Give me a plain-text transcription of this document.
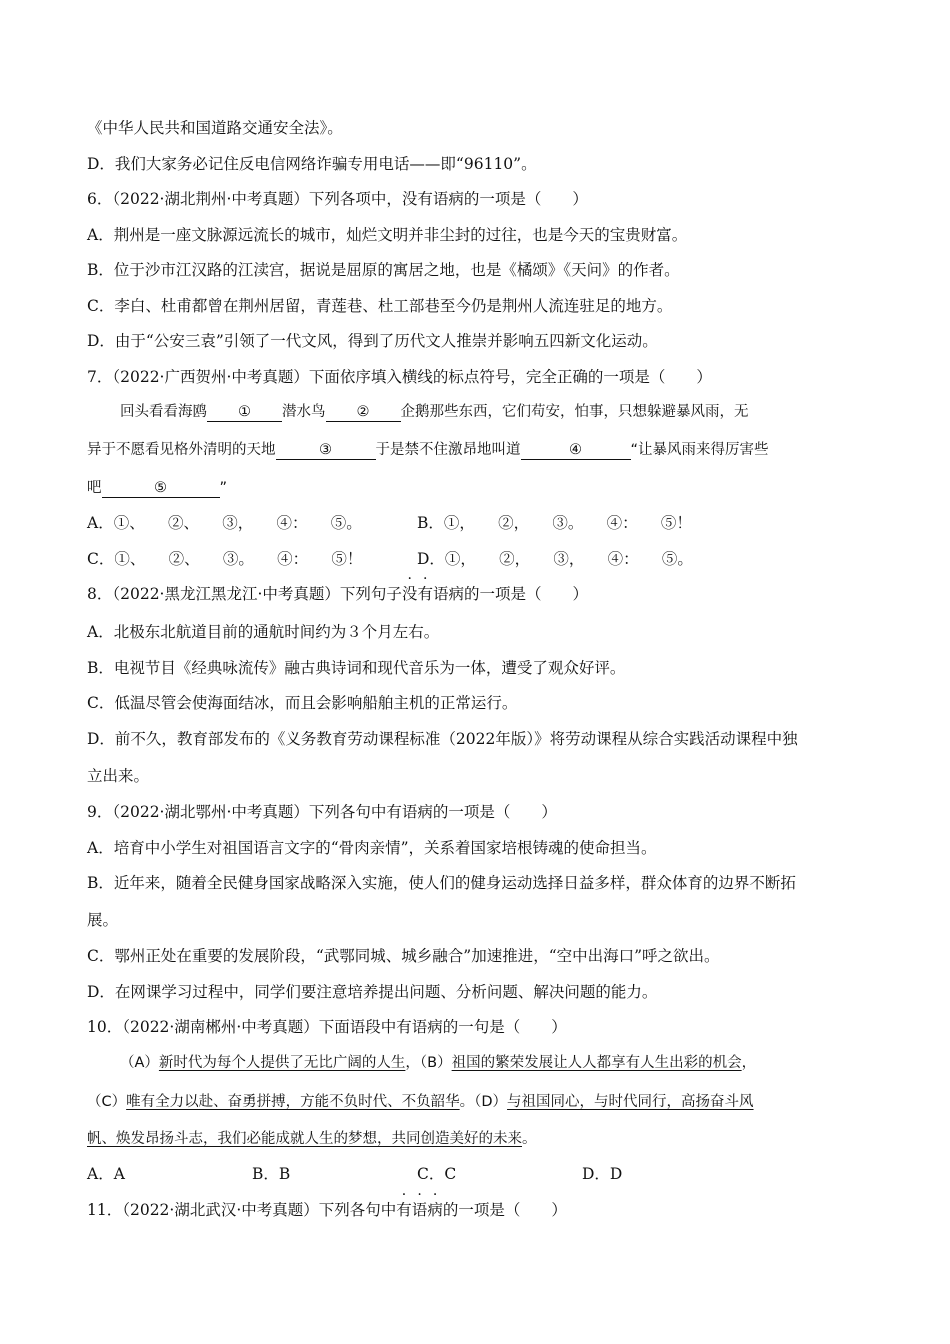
《中华人民共和国道路交通安全法》。
D．我们大家务必记住反电信网络诈骗专用电话——即“96110”。
6．（2022·湖北荆州·中考真题）下列各项中，没有语病的一项是（　　）
A．荆州是一座文脉源远流长的城市，灿烂文明并非尘封的过往，也是今天的宝贵财富。
B．位于沙市江汉路的江渎宫，据说是屈原的寓居之地，也是《橘颂》《天问》的作者。
C．李白、杜甫都曾在荆州居留，青莲巷、杜工部巷至今仍是荆州人流连驻足的地方。
D．由于“公安三袁”引领了一代文风，得到了历代文人推崇并影响五四新文化运动。
7．（2022·广西贺州·中考真题）下面依序填入横线的标点符号，完全正确的一项是（　　）
回头看看海鸥 ① 潜水鸟 ② 企鹅那些东西，它们苟安，怕事，只想躲避暴风雨，无
异于不愿看见格外清明的天地	③	于是禁不住激昂地叫道	④	“让暴风雨来得厉害些
吧	⑤	”
A．①、　　②、　　③，　　④：　　⑤。	B．①，　　②，　　③。　　④：　　⑤！
C．①、　　②、　　③。　　④：　　⑤！	D．①，　　②，　　③，　　④：　　⑤。
8．（2022·黑龙江黑龙江·中考真题）下列句子没有语病的一项是（　　）
A．北极东北航道目前的通航时间约为３个月左右。
B．电视节目《经典咏流传》融古典诗词和现代音乐为一体，遭受了观众好评。
C．低温尽管会使海面结冰，而且会影响船舶主机的正常运行。
D．前不久，教育部发布的《义务教育劳动课程标准（2022年版）》将劳动课程从综合实践活动课程中独
立出来。
9．（2022·湖北鄂州·中考真题）下列各句中有语病的一项是（　　）
A．培育中小学生对祖国语言文字的“骨肉亲情”，关系着国家培根铸魂的使命担当。
B．近年来，随着全民健身国家战略深入实施，使人们的健身运动选择日益多样，群众体育的边界不断拓
展。
C．鄂州正处在重要的发展阶段，“武鄂同城、城乡融合”加速推进，“空中出海口”呼之欲出。
D．在网课学习过程中，同学们要注意培养提出问题、分析问题、解决问题的能力。
10．（2022·湖南郴州·中考真题）下面语段中有语病的一句是（　　）
（A）新时代为每个人提供了无比广阔的人生，（B）祖国的繁荣发展让人人都享有人生出彩的机会，
（C）唯有全力以赴、奋勇拼搏，方能不负时代、不负韶华。（D）与祖国同心，与时代同行，高扬奋斗风
帆、焕发昂扬斗志，我们必能成就人生的梦想，共同创造美好的未来。
A．A	B．B	C．C	D．D
11．（2022·湖北武汉·中考真题）下列各句中有语病的一项是（　　）
